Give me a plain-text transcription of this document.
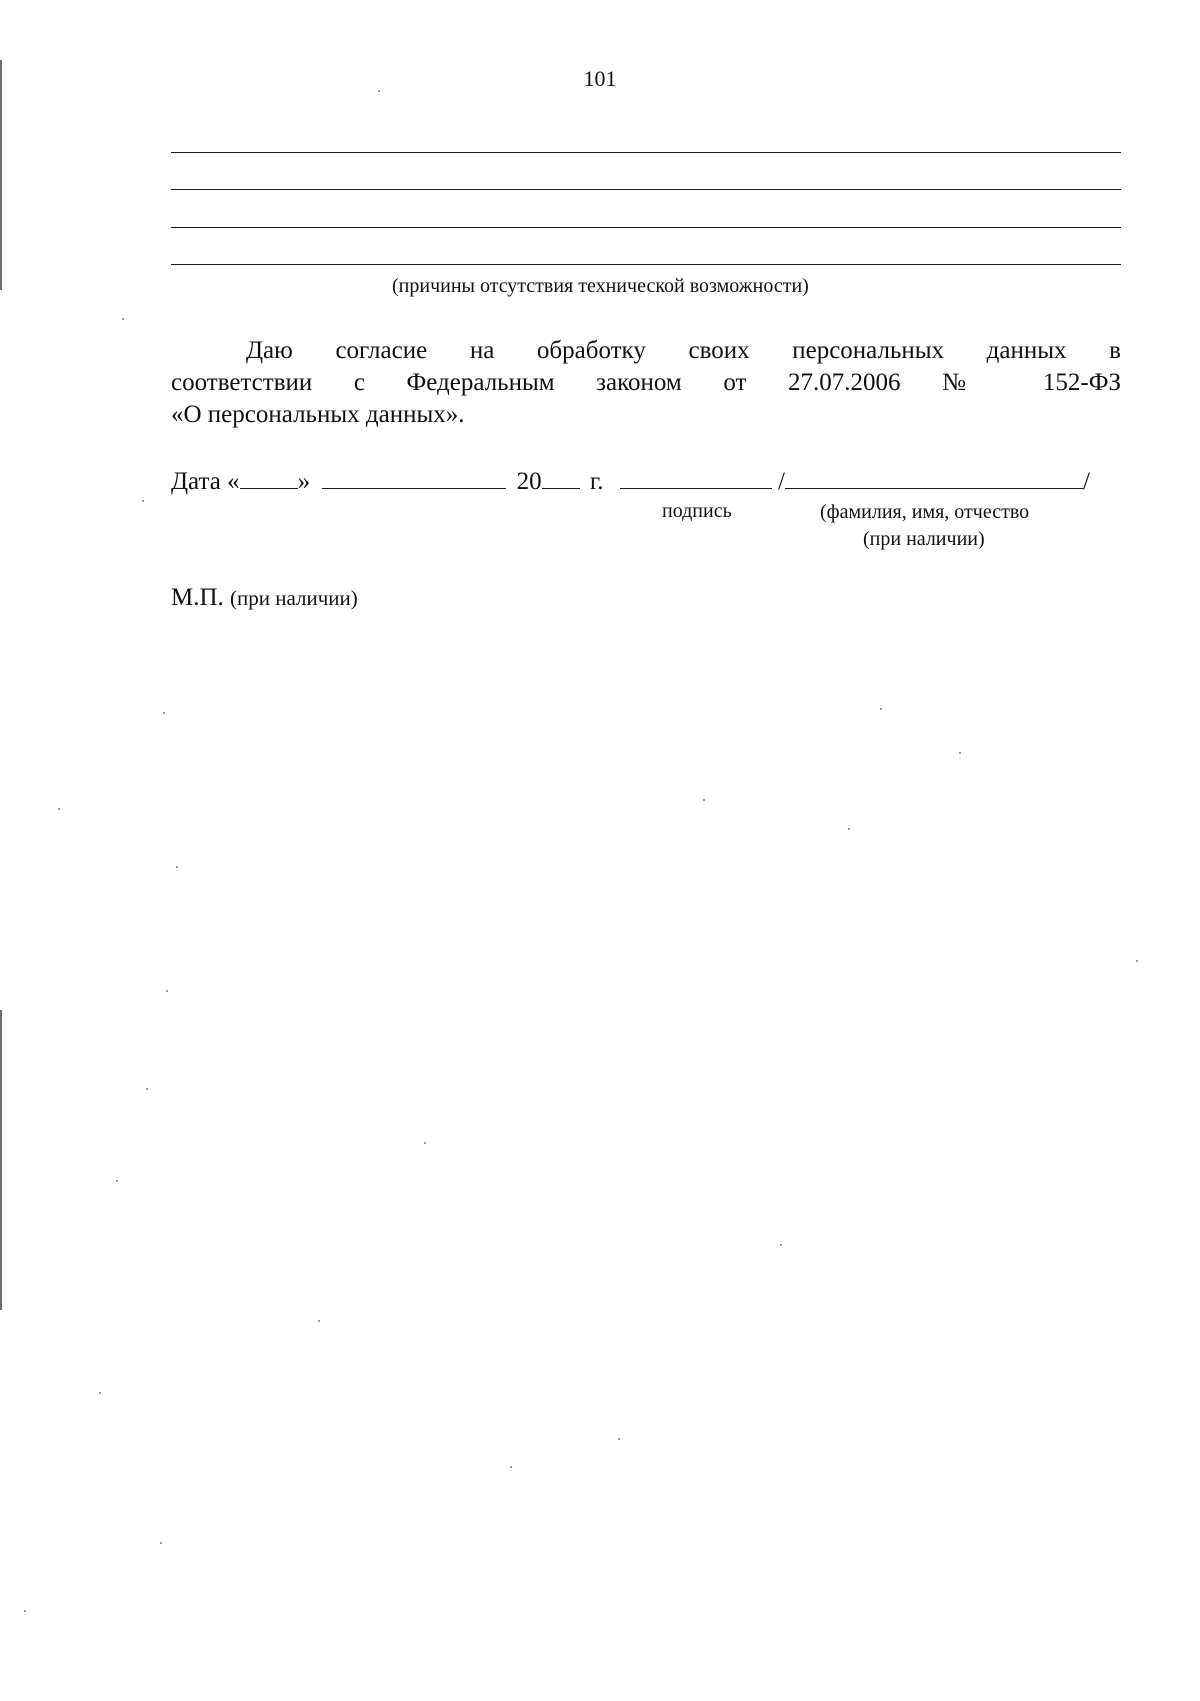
101
(причины отсутствия технической возможности)
Даю согласие на обработку своих персональных данных в
соответствии с Федеральным законом от 27.07.2006 № 152-ФЗ
«О персональных данных».
Дата « »	20 г.	/	/
подпись	(фамилия, имя, отчество
(при наличии)
М.П. (при наличии)
